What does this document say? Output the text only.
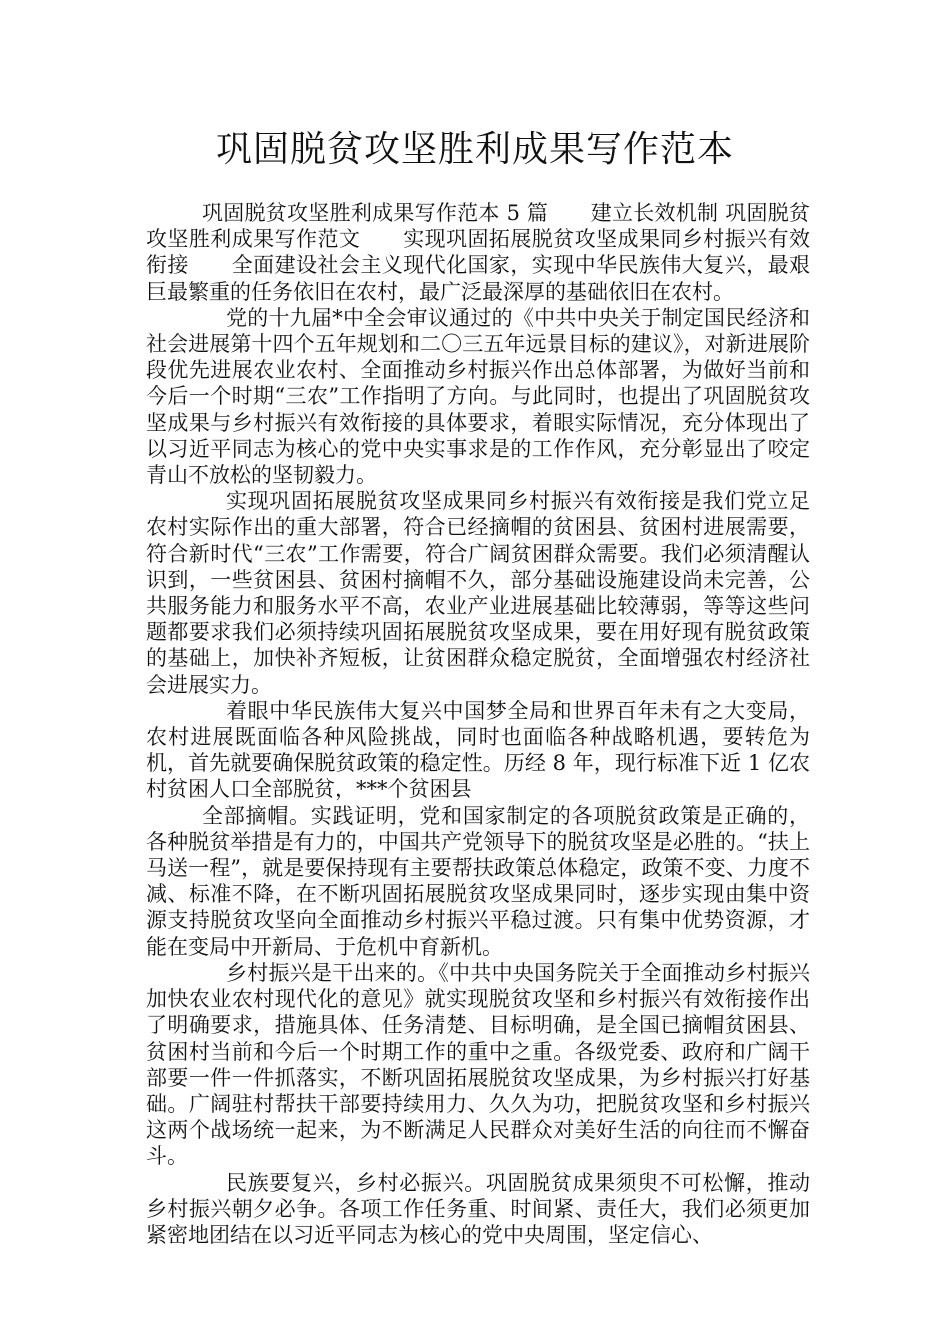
巩固脱贫攻坚胜利成果写作范本

巩固脱贫攻坚胜利成果写作范本 5 篇　　建立长效机制 巩固脱贫攻坚胜利成果写作范文　　实现巩固拓展脱贫攻坚成果同乡村振兴有效衔接　　全面建设社会主义现代化国家，实现中华民族伟大复兴，最艰巨最繁重的任务依旧在农村，最广泛最深厚的基础依旧在农村。

党的十九届*中全会审议通过的《中共中央关于制定国民经济和社会进展第十四个五年规划和二〇三五年远景目标的建议》，对新进展阶段优先进展农业农村、全面推动乡村振兴作出总体部署，为做好当前和今后一个时期“三农”工作指明了方向。与此同时，也提出了巩固脱贫攻坚成果与乡村振兴有效衔接的具体要求，着眼实际情况，充分体现出了以习近平同志为核心的党中央实事求是的工作作风，充分彰显出了咬定青山不放松的坚韧毅力。

实现巩固拓展脱贫攻坚成果同乡村振兴有效衔接是我们党立足农村实际作出的重大部署，符合已经摘帽的贫困县、贫困村进展需要，符合新时代“三农”工作需要，符合广阔贫困群众需要。我们必须清醒认识到，一些贫困县、贫困村摘帽不久，部分基础设施建设尚未完善，公共服务能力和服务水平不高，农业产业进展基础比较薄弱，等等这些问题都要求我们必须持续巩固拓展脱贫攻坚成果，要在用好现有脱贫政策的基础上，加快补齐短板，让贫困群众稳定脱贫，全面增强农村经济社会进展实力。

着眼中华民族伟大复兴中国梦全局和世界百年未有之大变局，农村进展既面临各种风险挑战，同时也面临各种战略机遇，要转危为机，首先就要确保脱贫政策的稳定性。历经 8 年，现行标准下近 1 亿农村贫困人口全部脱贫，***个贫困县

全部摘帽。实践证明，党和国家制定的各项脱贫政策是正确的，各种脱贫举措是有力的，中国共产党领导下的脱贫攻坚是必胜的。“扶上马送一程”，就是要保持现有主要帮扶政策总体稳定，政策不变、力度不减、标准不降，在不断巩固拓展脱贫攻坚成果同时，逐步实现由集中资源支持脱贫攻坚向全面推动乡村振兴平稳过渡。只有集中优势资源，才能在变局中开新局、于危机中育新机。

乡村振兴是干出来的。《中共中央国务院关于全面推动乡村振兴加快农业农村现代化的意见》就实现脱贫攻坚和乡村振兴有效衔接作出了明确要求，措施具体、任务清楚、目标明确，是全国已摘帽贫困县、贫困村当前和今后一个时期工作的重中之重。各级党委、政府和广阔干部要一件一件抓落实，不断巩固拓展脱贫攻坚成果，为乡村振兴打好基础。广阔驻村帮扶干部要持续用力、久久为功，把脱贫攻坚和乡村振兴这两个战场统一起来，为不断满足人民群众对美好生活的向往而不懈奋斗。

民族要复兴，乡村必振兴。巩固脱贫成果须臾不可松懈，推动乡村振兴朝夕必争。各项工作任务重、时间紧、责任大，我们必须更加紧密地团结在以习近平同志为核心的党中央周围，坚定信心、
